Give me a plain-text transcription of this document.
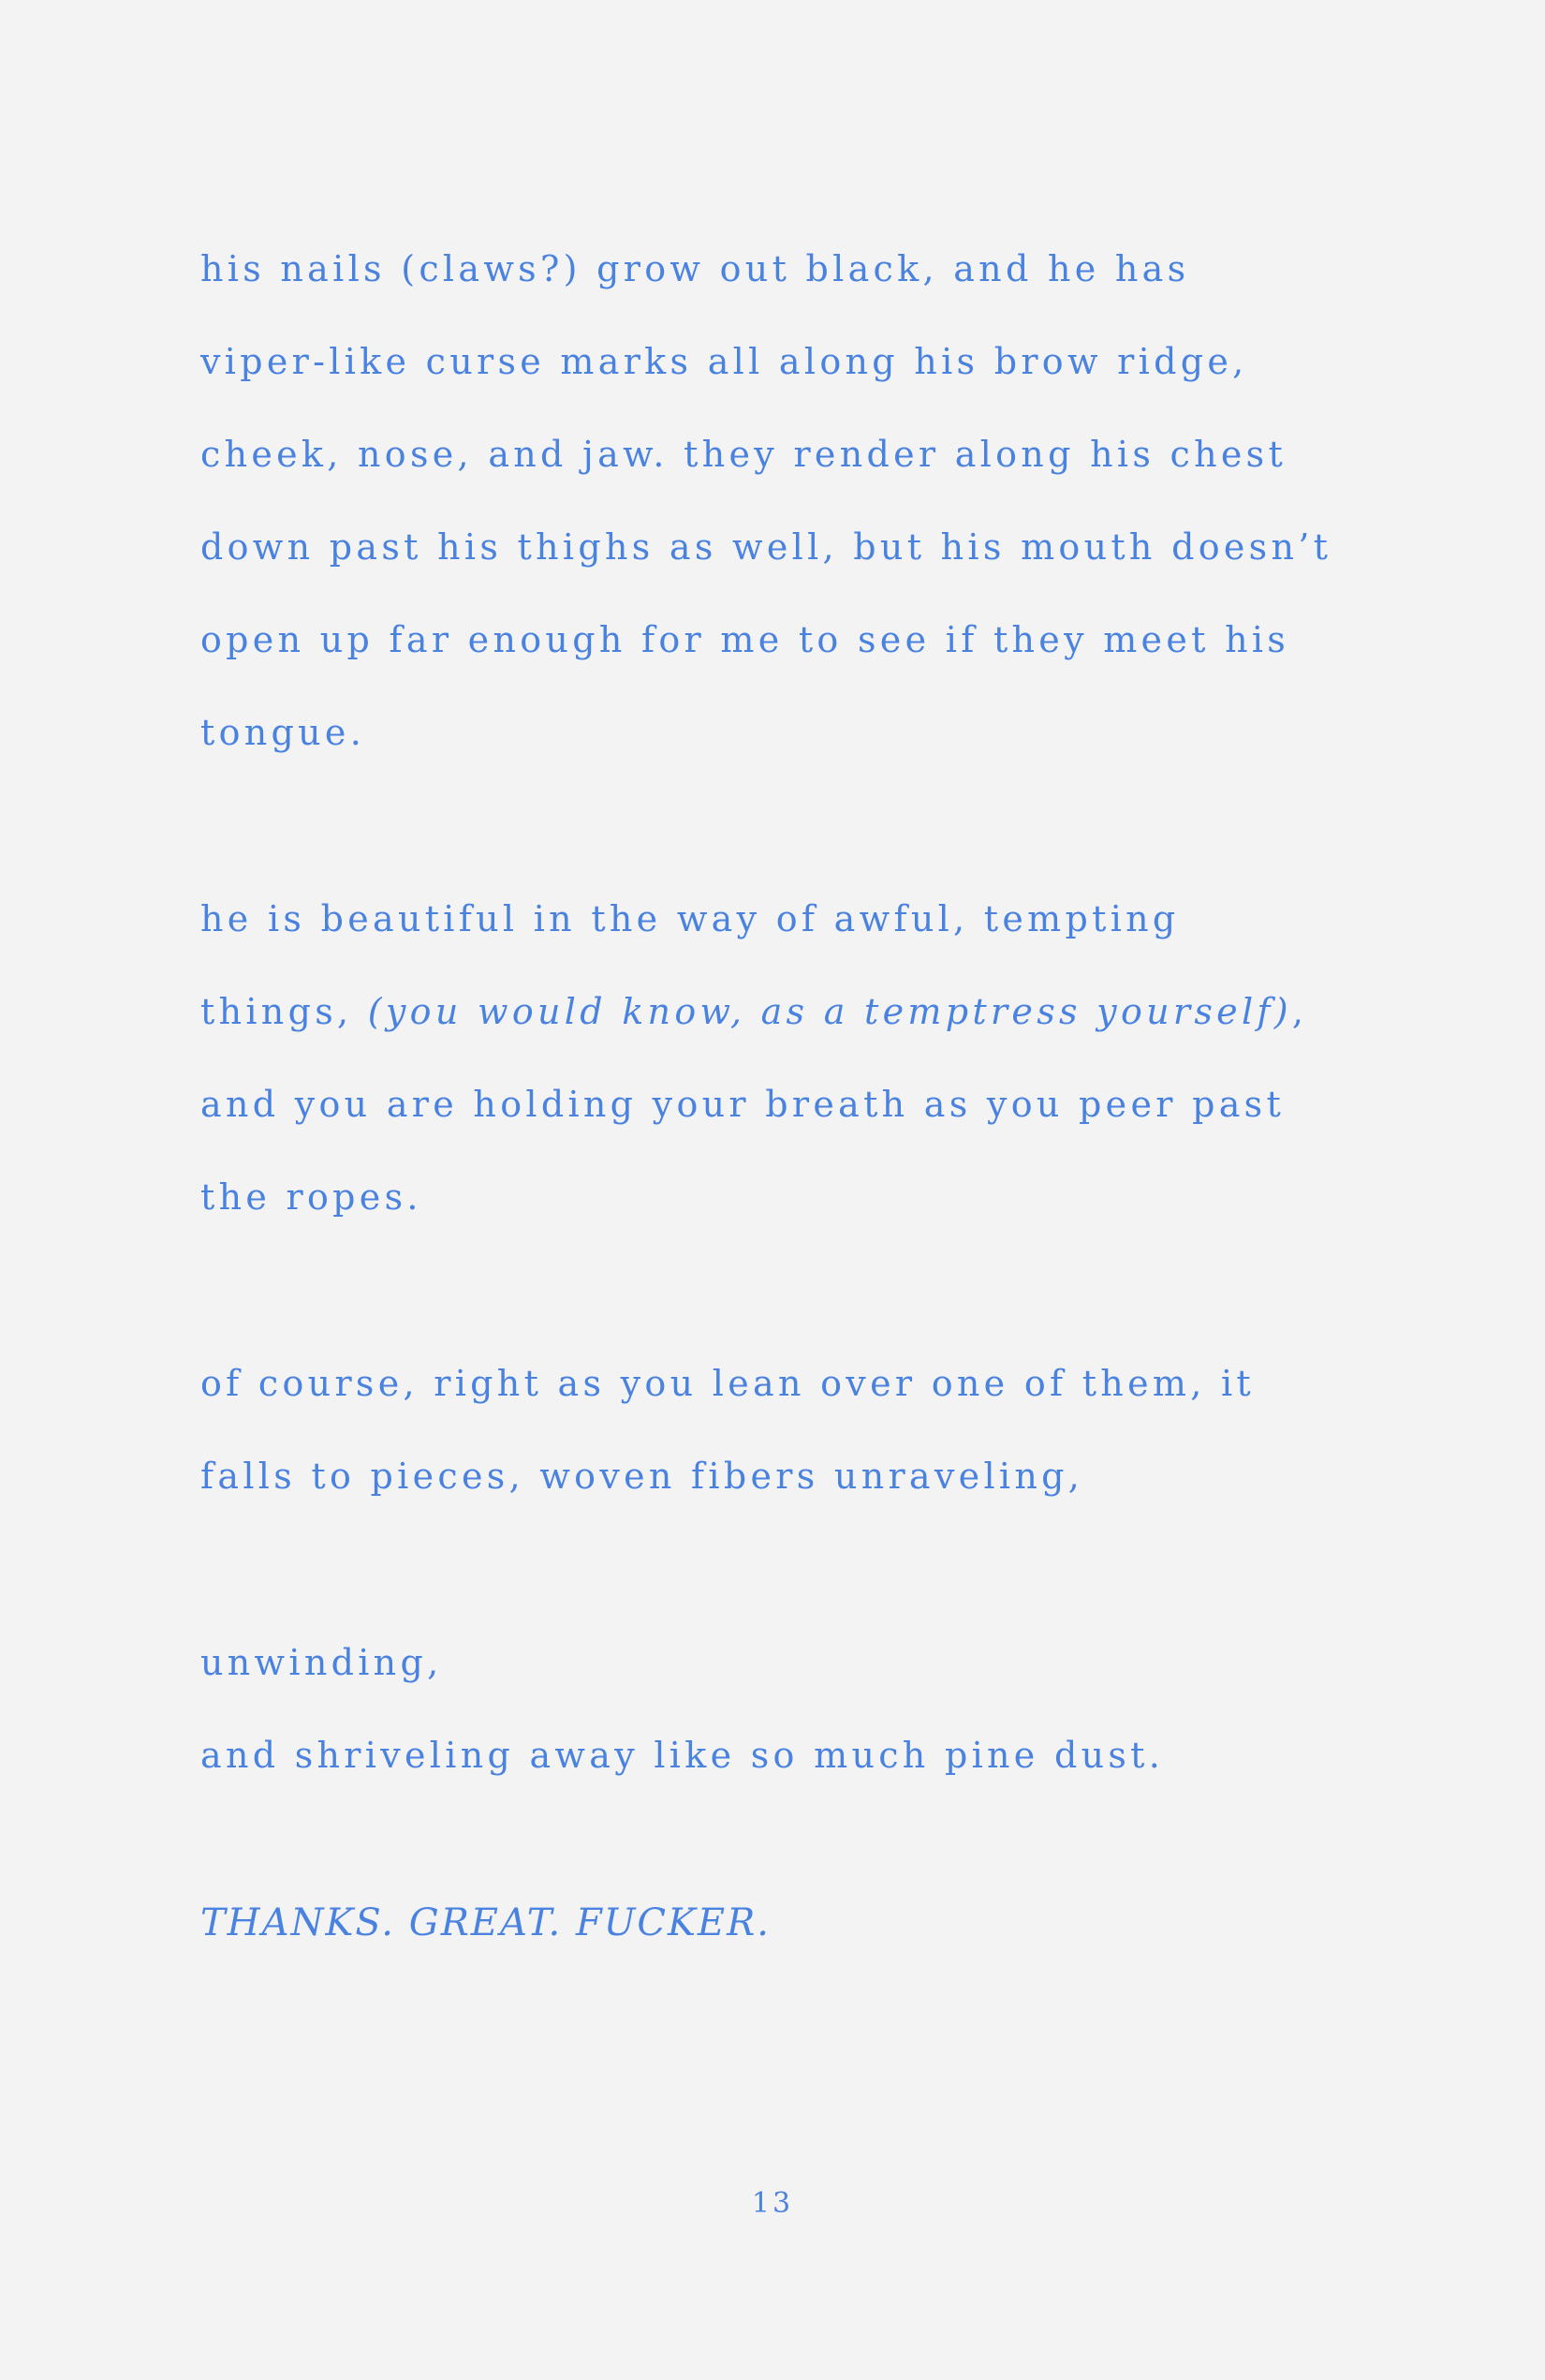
his nails (claws?) grow out black, and he has
viper-like curse marks all along his brow ridge,
cheek, nose, and jaw. they render along his chest
down past his thighs as well, but his mouth doesn’t
open up far enough for me to see if they meet his
tongue.
he is beautiful in the way of awful, tempting
things, (you would know, as a temptress yourself),
and you are holding your breath as you peer past
the ropes.
of course, right as you lean over one of them, it
falls to pieces, woven fibers unraveling,
unwinding,
and shriveling away like so much pine dust.
THANKS. GREAT. FUCKER.
13
